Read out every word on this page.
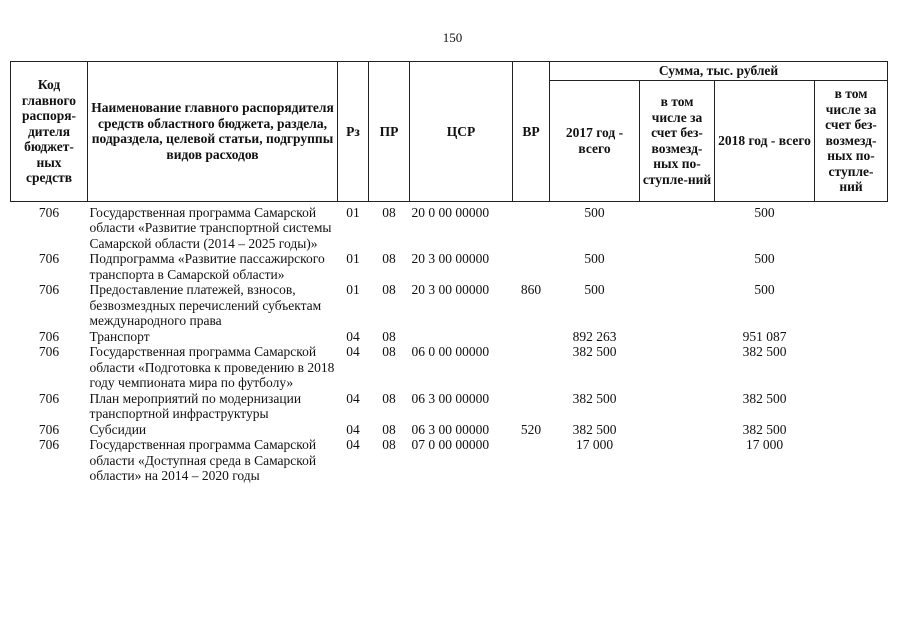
150
Код главного распоря-дителя бюджет-ных средств	Наименование главного распорядителя средств областного бюджета, раздела, подраздела, целевой статьи, подгруппы видов расходов	Рз	ПР	ЦСР	ВР	Сумма, тыс. рублей			
						2017 год - всего	в том числе за счет без-возмезд-ных по-ступле-ний	2018 год - всего	в том числе за счет без-возмезд-ных по-ступле-ний
706	Государственная программа Самарской области «Развитие транспортной системы Самарской области (2014 – 2025 годы)»	01	08	20 0 00 00000		500		500	
706	Подпрограмма «Развитие пассажирского транспорта в Самарской области»	01	08	20 3 00 00000		500		500	
706	Предоставление платежей, взносов, безвозмездных перечислений субъектам международного права	01	08	20 3 00 00000	860	500		500	
706	Транспорт	04	08			892 263		951 087	
706	Государственная программа Самарской области «Подготовка к проведению в 2018 году чемпионата мира по футболу»	04	08	06 0 00 00000		382 500		382 500	
706	План мероприятий по модернизации транспортной инфраструктуры	04	08	06 3 00 00000		382 500		382 500	
706	Субсидии	04	08	06 3 00 00000	520	382 500		382 500	
706	Государственная программа Самарской области «Доступная среда в Самарской области» на 2014 – 2020 годы	04	08	07 0 00 00000		17 000		17 000	
